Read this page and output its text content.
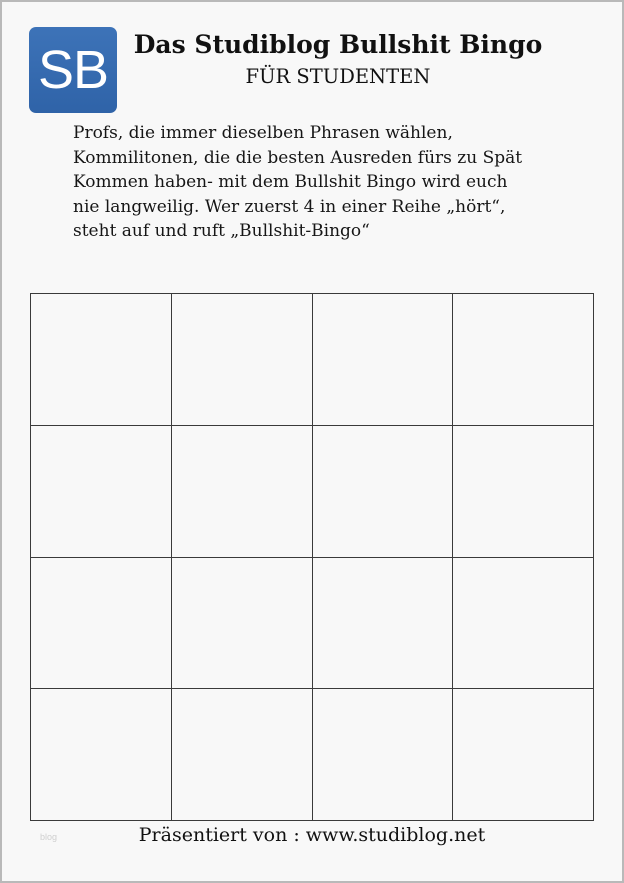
SB	Das Studiblog Bullshit Bingo
FÜR STUDENTEN

Profs, die immer dieselben Phrasen wählen,
Kommilitonen, die die besten Ausreden fürs zu Spät
Kommen haben- mit dem Bullshit Bingo wird euch
nie langweilig. Wer zuerst 4 in einer Reihe „hört“,
steht auf und ruft „Bullshit-Bingo“

blog	Präsentiert von : www.studiblog.net
